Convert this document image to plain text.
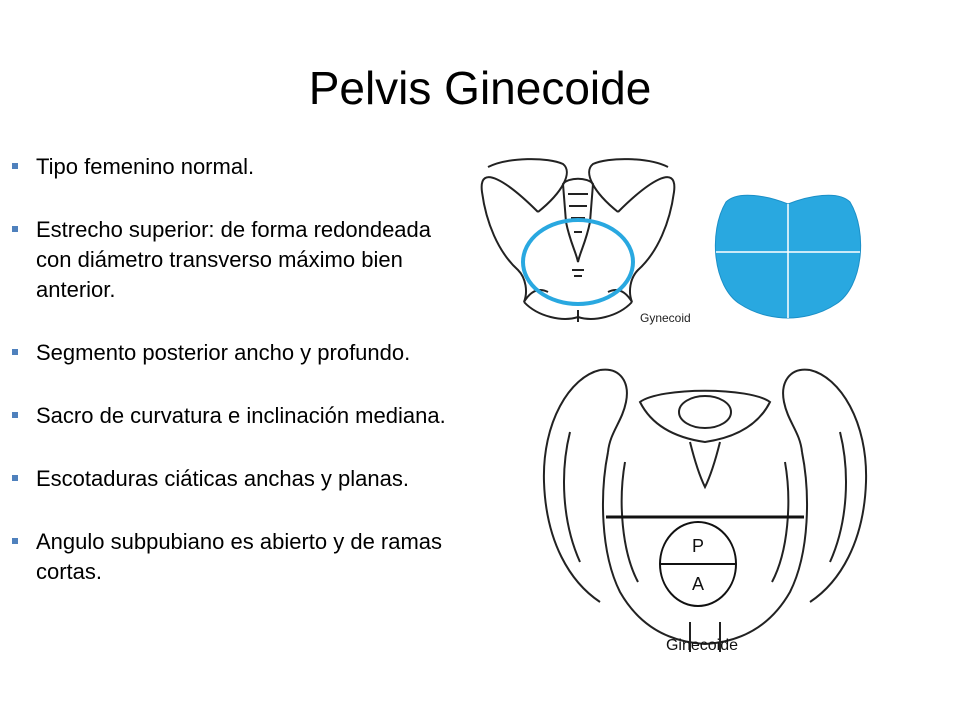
Pelvis Ginecoide
Tipo femenino normal.
Estrecho superior: de forma redondeada con diámetro transverso máximo bien anterior.
Segmento posterior ancho y profundo.
Sacro de curvatura e inclinación mediana.
Escotaduras ciáticas anchas y planas.
Angulo subpubiano es abierto y de ramas cortas.
Gynecoid
P
A
Ginecoide
